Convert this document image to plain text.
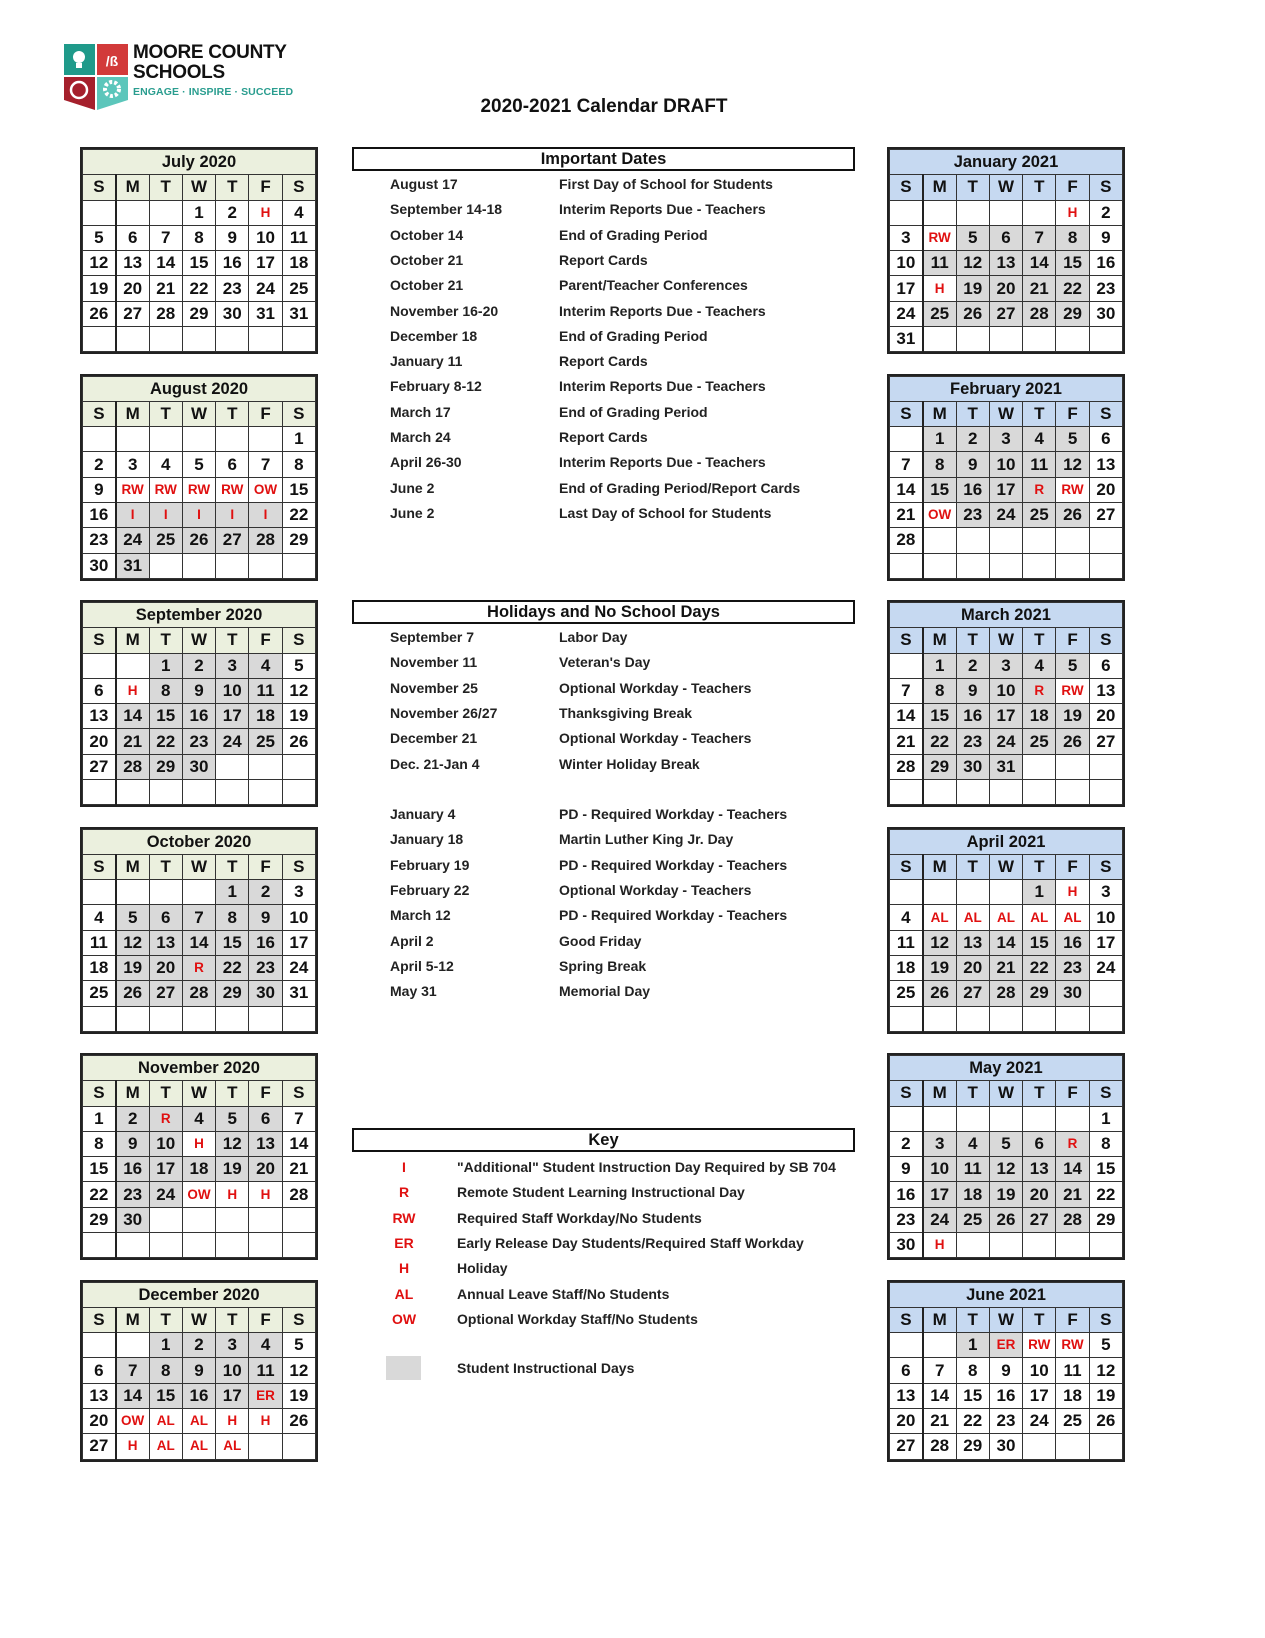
/ß MOORE COUNTY
SCHOOLS
ENGAGE · INSPIRE · SUCCEED
2020-2021 Calendar DRAFT
July 2020						
S	M	T	W	T	F	S
			1	2	H	4
5	6	7	8	9	10	11
12	13	14	15	16	17	18
19	20	21	22	23	24	25
26	27	28	29	30	31	31

August 2020						
S	M	T	W	T	F	S
						1
2	3	4	5	6	7	8
9	RW	RW	RW	RW	OW	15
16	I	I	I	I	I	22
23	24	25	26	27	28	29
30	31					
September 2020						
S	M	T	W	T	F	S
		1	2	3	4	5
6	H	8	9	10	11	12
13	14	15	16	17	18	19
20	21	22	23	24	25	26
27	28	29	30			

October 2020						
S	M	T	W	T	F	S
				1	2	3
4	5	6	7	8	9	10
11	12	13	14	15	16	17
18	19	20	R	22	23	24
25	26	27	28	29	30	31

November 2020						
S	M	T	W	T	F	S
1	2	R	4	5	6	7
8	9	10	H	12	13	14
15	16	17	18	19	20	21
22	23	24	OW	H	H	28
29	30					

December 2020						
S	M	T	W	T	F	S
		1	2	3	4	5
6	7	8	9	10	11	12
13	14	15	16	17	ER	19
20	OW	AL	AL	H	H	26
27	H	AL	AL	AL		
January 2021						
S	M	T	W	T	F	S
					H	2
3	RW	5	6	7	8	9
10	11	12	13	14	15	16
17	H	19	20	21	22	23
24	25	26	27	28	29	30
31						
February 2021						
S	M	T	W	T	F	S
	1	2	3	4	5	6
7	8	9	10	11	12	13
14	15	16	17	R	RW	20
21	OW	23	24	25	26	27
28						

March 2021						
S	M	T	W	T	F	S
	1	2	3	4	5	6
7	8	9	10	R	RW	13
14	15	16	17	18	19	20
21	22	23	24	25	26	27
28	29	30	31			

April 2021						
S	M	T	W	T	F	S
				1	H	3
4	AL	AL	AL	AL	AL	10
11	12	13	14	15	16	17
18	19	20	21	22	23	24
25	26	27	28	29	30	

May 2021						
S	M	T	W	T	F	S
						1
2	3	4	5	6	R	8
9	10	11	12	13	14	15
16	17	18	19	20	21	22
23	24	25	26	27	28	29
30	H					
June 2021						
S	M	T	W	T	F	S
		1	ER	RW	RW	5
6	7	8	9	10	11	12
13	14	15	16	17	18	19
20	21	22	23	24	25	26
27	28	29	30			
Important Dates
August 17	First Day of School for Students
September 14-18	Interim Reports Due - Teachers
October 14	End of Grading Period
October 21	Report Cards
October 21	Parent/Teacher Conferences
November 16-20	Interim Reports Due - Teachers
December 18	End of Grading Period
January 11	Report Cards
February 8-12	Interim Reports Due - Teachers
March 17	End of Grading Period
March 24	Report Cards
April 26-30	Interim Reports Due - Teachers
June 2	End of Grading Period/Report Cards
June 2	Last Day of School for Students
Holidays and No School Days
September 7	Labor Day
November 11	Veteran's Day
November 25	Optional Workday - Teachers
November 26/27	Thanksgiving Break
December 21	Optional Workday - Teachers
Dec. 21-Jan 4	Winter Holiday Break
January 4	PD - Required Workday - Teachers
January 18	Martin Luther King Jr. Day
February 19	PD - Required Workday - Teachers
February 22	Optional Workday - Teachers
March 12	PD - Required Workday - Teachers
April 2	Good Friday
April 5-12	Spring Break
May 31	Memorial Day
Key
I	"Additional" Student Instruction Day Required by SB 704
R	Remote Student Learning Instructional Day
RW	Required Staff Workday/No Students
ER	Early Release Day Students/Required Staff Workday
H	Holiday
AL	Annual Leave Staff/No Students
OW	Optional Workday Staff/No Students
Student Instructional Days
